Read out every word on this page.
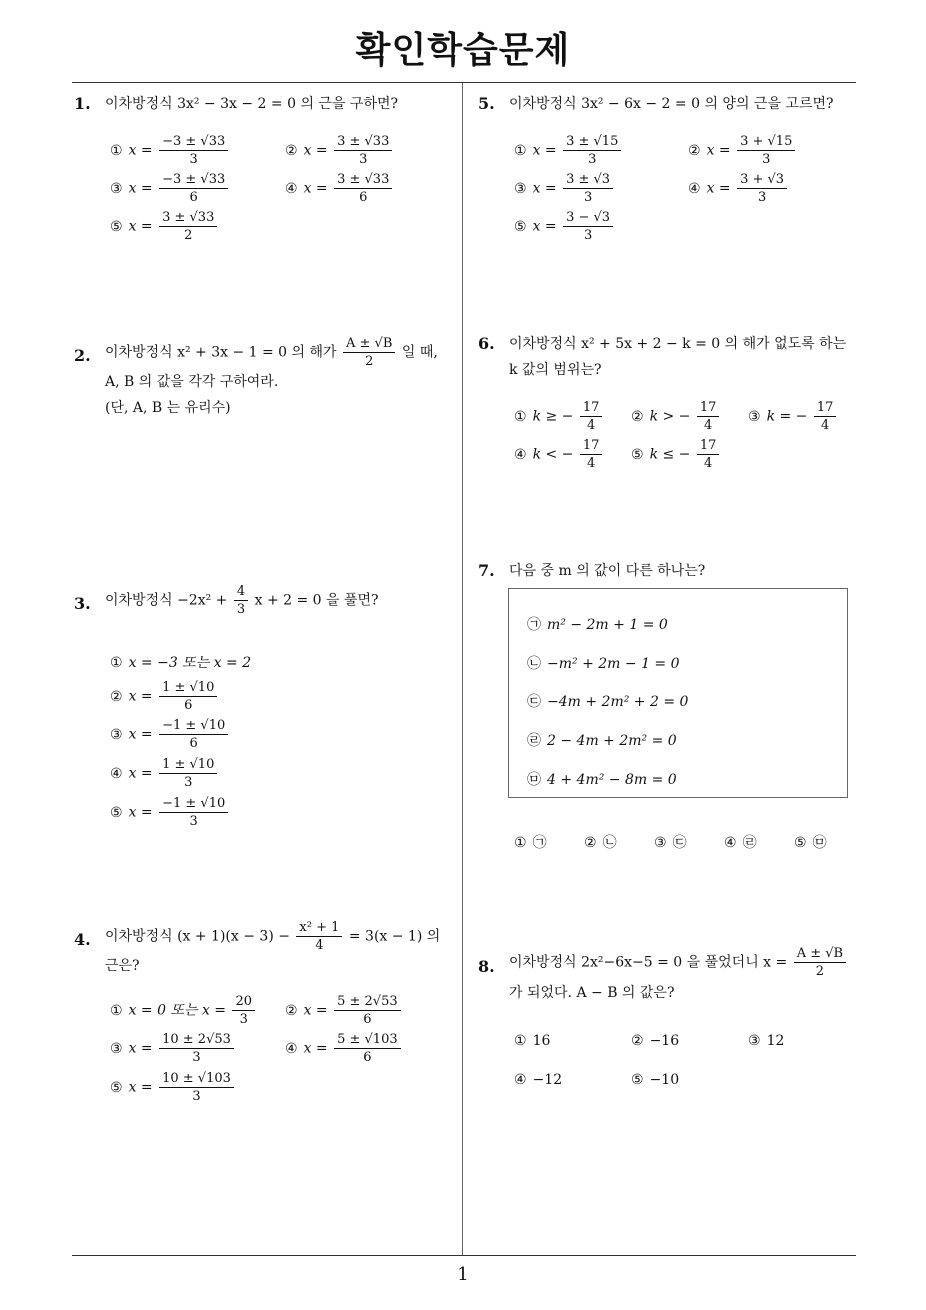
확인학습문제
1. 이차방정식 3x² − 3x − 2 = 0 의 근을 구하면?
① $x = \frac{-3 \pm √33}{3}$	② $x = \frac{3 \pm √33}{3}$
③ $x = \frac{-3 \pm √33}{6}$	④ $x = \frac{3 \pm √33}{6}$
⑤ $x = \frac{3 \pm √33}{2}$
2. 이차방정식 x² + 3x − 1 = 0 의 해가 $\frac{A \pm √B}{2}$ 일 때,
A, B 의 값을 각각 구하여라.
(단, A, B 는 유리수)
3. 이차방정식 $-2x^2 + \frac{4}{3}$ x + 2 = 0 을 풀면?
① x = −3 또는 x = 2
② $x = \frac{1 \pm √10}{6}$
③ $x = \frac{-1 \pm √10}{6}$
④ $x = \frac{1 \pm √10}{3}$
⑤ $x = \frac{-1 \pm √10}{3}$
4. 이차방정식 $(x + 1)(x - 3) - \frac{\text{x² + 1}}{4} = 3(x - 1)$ 의
근은?
① x = 0 또는 $x = \frac{20}{3}$ ② $x = \frac{5 \pm 2√53}{6}$
③ $x = \frac{10 \pm 2√53}{3}$	④ $x = \frac{5 \pm √103}{6}$
⑤ $x = \frac{10 \pm √103}{3}$
5. 이차방정식 3x² − 6x − 2 = 0 의 양의 근을 고르면?
① $x = \frac{3 \pm √15}{3}$	② $x = \frac{3 + √15}{3}$
③ $x = \frac{3 \pm √3}{3}$	④ $x = \frac{3 + √3}{3}$
⑤ $x = \frac{3 - √3}{3}$
6. 이차방정식 x² + 5x + 2 − k = 0 의 해가 없도록 하는
k 값의 범위는?
① k ≥ − $\frac{17}{4}$ ② k > − $\frac{17}{4}$ ③ k = − $\frac{17}{4}$
④ k < − $\frac{17}{4}$ ⑤ k ≤ − $\frac{17}{4}$
7. 다음 중 m 의 값이 다른 하나는?
㉠ m² − 2m + 1 = 0
㉡ −m² + 2m − 1 = 0
㉢ −4m + 2m² + 2 = 0
㉣ 2 − 4m + 2m² = 0
㉤ 4 + 4m² − 8m = 0
① ㉠	② ㉡	③ ㉢	④ ㉣	⑤ ㉤
8. 이차방정식 2x²−6x−5 = 0 을 풀었더니 $x = \frac{A \pm √B}{2}$
가 되었다. A − B 의 값은?
① 16	② −16	③ 12
④ −12	⑤ −10
1
